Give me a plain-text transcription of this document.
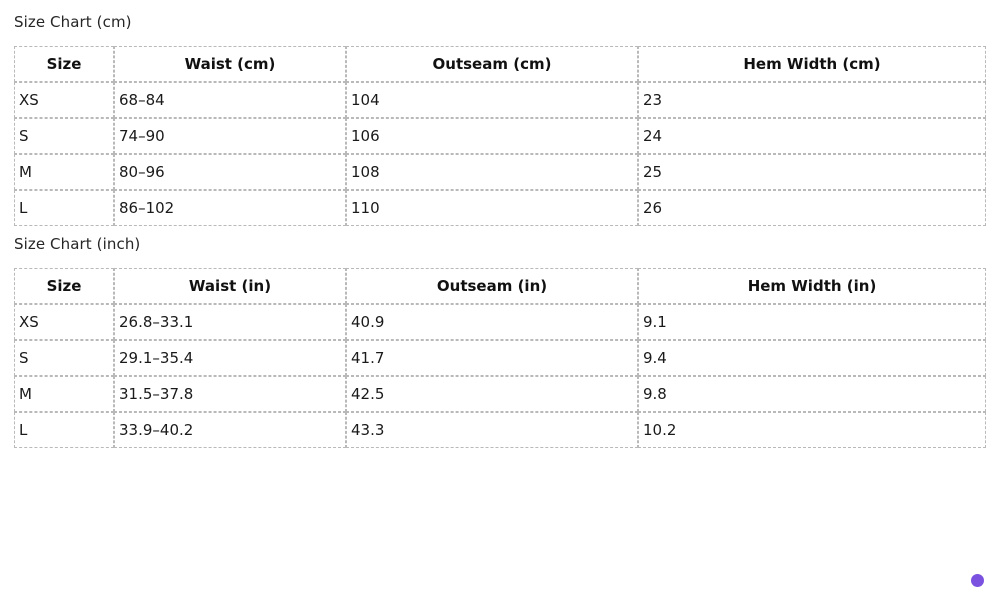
Size Chart (cm)

Size	Waist (cm)	Outseam (cm)	Hem Width (cm)
XS	68–84	104	23
S	74–90	106	24
M	80–96	108	25
L	86–102	110	26

Size Chart (inch)

Size	Waist (in)	Outseam (in)	Hem Width (in)
XS	26.8–33.1	40.9	9.1
S	29.1–35.4	41.7	9.4
M	31.5–37.8	42.5	9.8
L	33.9–40.2	43.3	10.2
